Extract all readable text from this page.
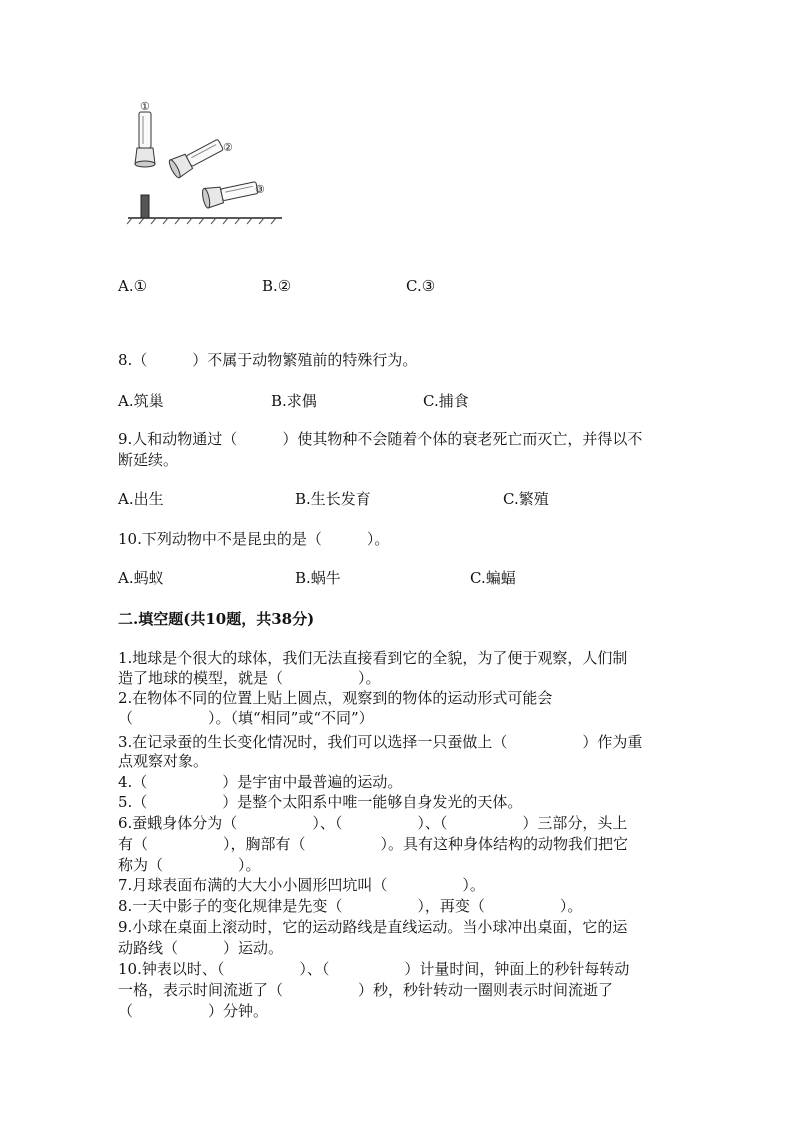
①
②
③
A.①	B.②	C.③
8.（　　　）不属于动物繁殖前的特殊行为。
A.筑巢	B.求偶	C.捕食
9.人和动物通过（　　　）使其物种不会随着个体的衰老死亡而灭亡，并得以不
断延续。
A.出生	B.生长发育	C.繁殖
10.下列动物中不是昆虫的是（　　　）。
A.蚂蚁	B.蜗牛	C.蝙蝠
二.填空题(共10题，共38分)
1.地球是个很大的球体，我们无法直接看到它的全貌，为了便于观察，人们制
造了地球的模型，就是（　　　　　）。
2.在物体不同的位置上贴上圆点，观察到的物体的运动形式可能会
（　　　　　）。（填“相同”或“不同”）
3.在记录蚕的生长变化情况时，我们可以选择一只蚕做上（　　　　　）作为重
点观察对象。
4.（　　　　　）是宇宙中最普遍的运动。
5.（　　　　　）是整个太阳系中唯一能够自身发光的天体。
6.蚕蛾身体分为（　　　　　）、（　　　　　）、（　　　　　）三部分，头上
有（　　　　　），胸部有（　　　　　）。具有这种身体结构的动物我们把它
称为（　　　　　）。
7.月球表面布满的大大小小圆形凹坑叫（　　　　　）。
8.一天中影子的变化规律是先变（　　　　　），再变（　　　　　）。
9.小球在桌面上滚动时，它的运动路线是直线运动。当小球冲出桌面，它的运
动路线（　　　）运动。
10.钟表以时、（　　　　　）、（　　　　　）计量时间，钟面上的秒针每转动
一格，表示时间流逝了（　　　　　）秒，秒针转动一圈则表示时间流逝了
（　　　　　）分钟。
